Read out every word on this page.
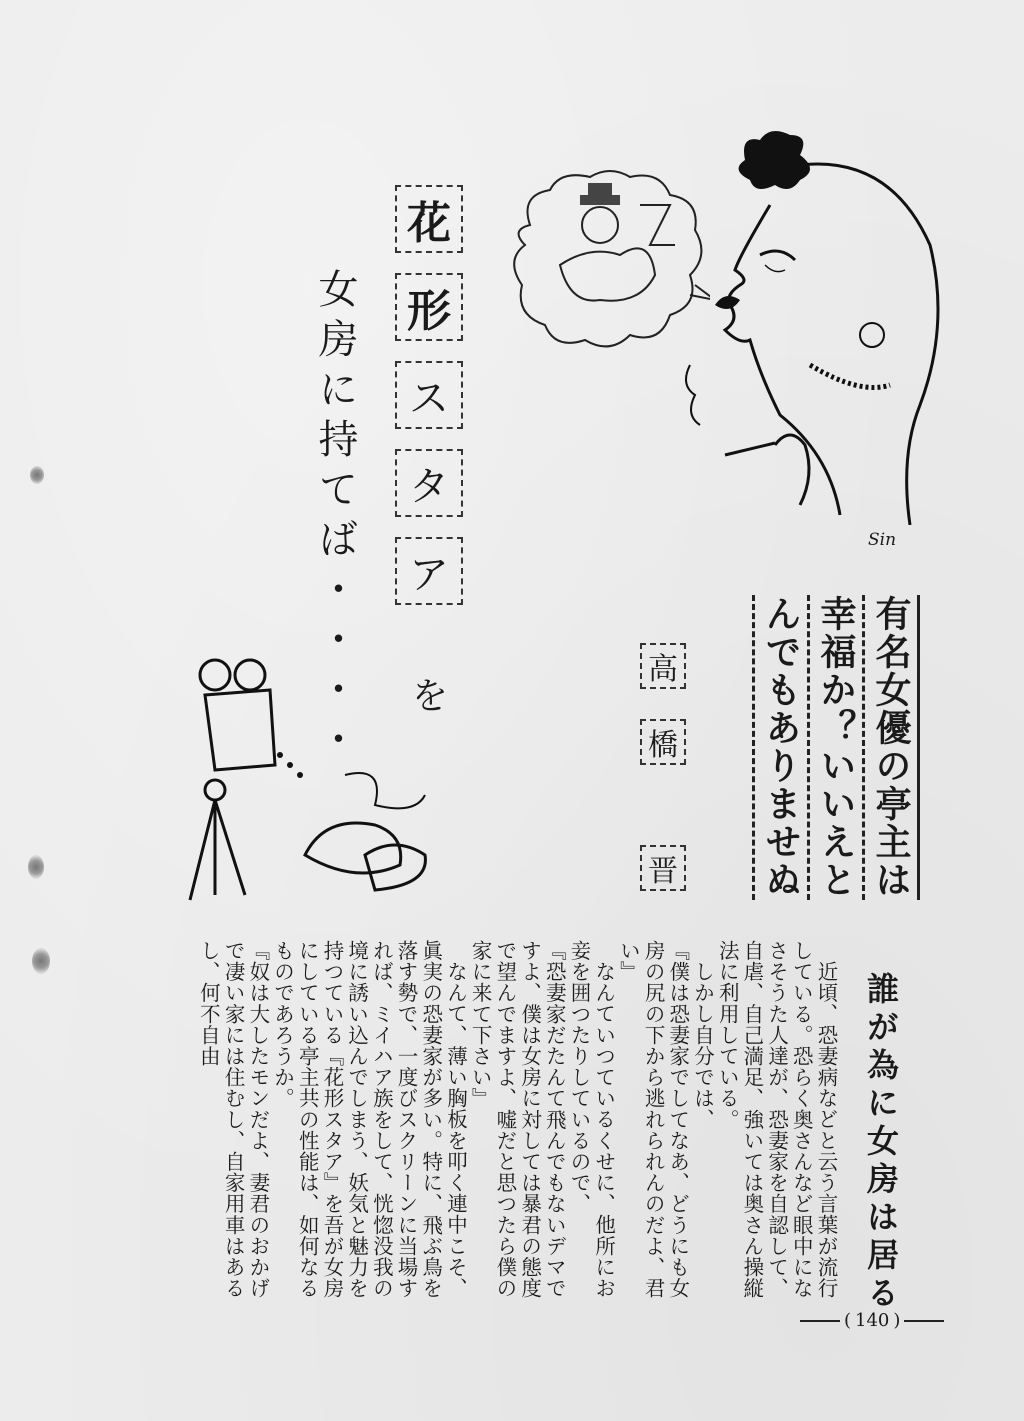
Sin
花
形
ス
タ
ア
を
女房に持てば・・・・	高
橋
晋	有名女優の亭主は
幸福か？いいえと
んでもありませぬ
誰が為に女房は居る

近頃、恐妻病などと云う言葉が流行している。恐らく奥さんなど眼中になさそうた人達が、恐妻家を自認して、自虐、自己満足、強いては奥さん操縦法に利用している。

しかし自分では、

『僕は恐妻家でしてなあ、どうにも女房の尻の下から逃れられんのだよ、君い』

なんていつているくせに、他所にお妾を囲つたりしているので、

『恐妻家だたんて飛んでもないデマですよ、僕は女房に対しては暴君の態度で望んでますよ、嘘だと思つたら僕の家に来て下さい』

なんて、薄い胸板を叩く連中こそ、眞実の恐妻家が多い。特に、飛ぶ鳥を落す勢で、一度びスクリーンに当場すれば、ミイハア族をして、恍惚没我の境に誘い込んでしまう、妖気と魅力を持つている『花形スタア』を吾が女房にしている亭主共の性能は、如何なるものであろうか。

『奴は大したモンだよ、妻君のおかげで凄い家には住むし、自家用車はあるし、何不自由

( 140 )
